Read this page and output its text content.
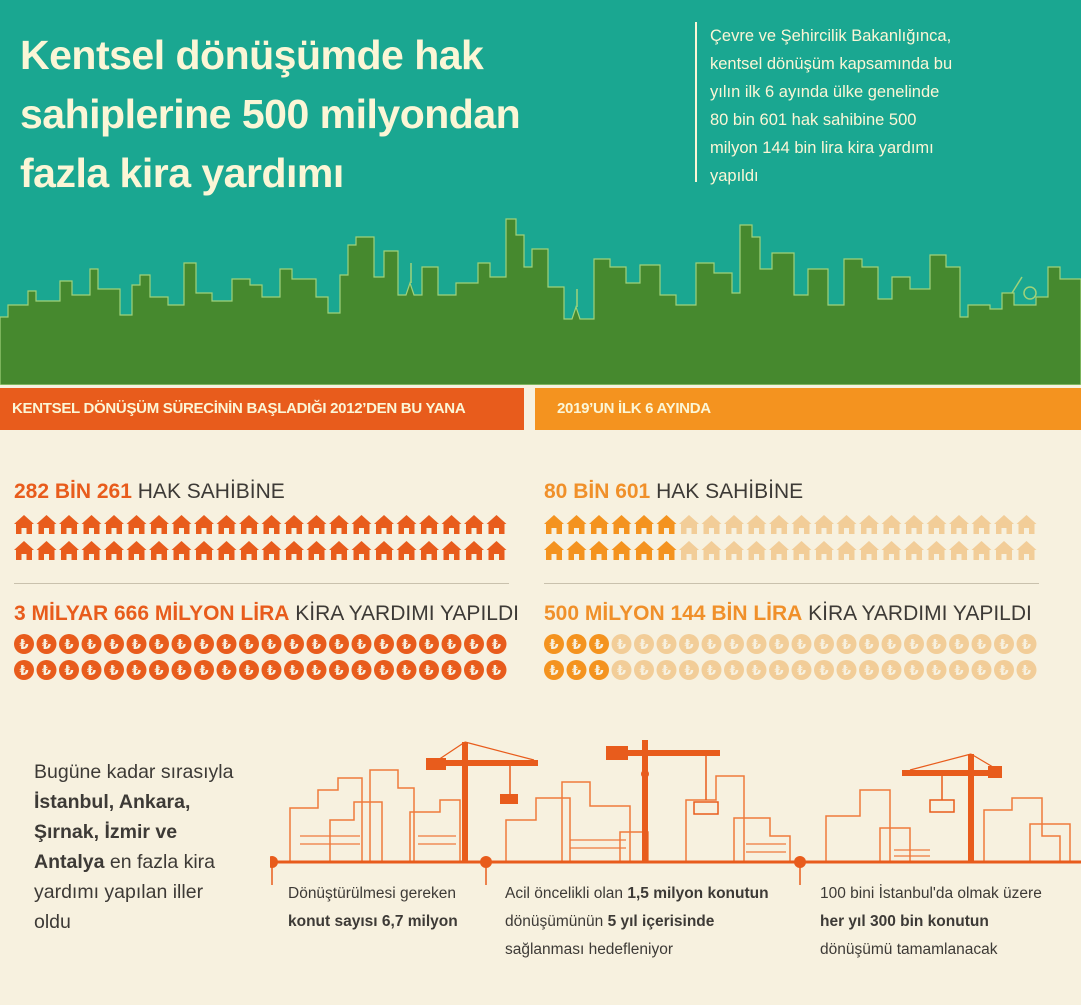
Kentsel dönüşümde hak
sahiplerine 500 milyondan
fazla kira yardımı
Çevre ve Şehircilik Bakanlığınca,
kentsel dönüşüm kapsamında bu
yılın ilk 6 ayında ülke genelinde
80 bin 601 hak sahibine 500
milyon 144 bin lira kira yardımı
yapıldı
KENTSEL DÖNÜŞÜM SÜRECİNİN BAŞLADIĞI 2012’DEN BU YANA	2019’UN İLK 6 AYINDA
282 BİN 261 HAK SAHİBİNE
3 MİLYAR 666 MİLYON LİRA KİRA YARDIMI YAPILDI
₺ ₺ ₺ ₺ ₺ ₺ ₺ ₺ ₺ ₺ ₺ ₺ ₺ ₺ ₺ ₺ ₺ ₺ ₺ ₺ ₺ ₺
₺ ₺ ₺ ₺ ₺ ₺ ₺ ₺ ₺ ₺ ₺ ₺ ₺ ₺ ₺ ₺ ₺ ₺ ₺ ₺ ₺ ₺
80 BİN 601 HAK SAHİBİNE
500 MİLYON 144 BİN LİRA KİRA YARDIMI YAPILDI
₺ ₺ ₺ ₺ ₺ ₺ ₺ ₺ ₺ ₺ ₺ ₺ ₺ ₺ ₺ ₺ ₺ ₺ ₺ ₺ ₺ ₺
₺ ₺ ₺ ₺ ₺ ₺ ₺ ₺ ₺ ₺ ₺ ₺ ₺ ₺ ₺ ₺ ₺ ₺ ₺ ₺ ₺ ₺
Bugüne kadar sırasıyla İstanbul, Ankara, Şırnak, İzmir ve Antalya en fazla kira yardımı yapılan iller oldu
Dönüştürülmesi gereken konut sayısı 6,7 milyon
Acil öncelikli olan 1,5 milyon konutun dönüşümünün 5 yıl içerisinde sağlanması hedefleniyor
100 bini İstanbul'da olmak üzere her yıl 300 bin konutun dönüşümü tamamlanacak
